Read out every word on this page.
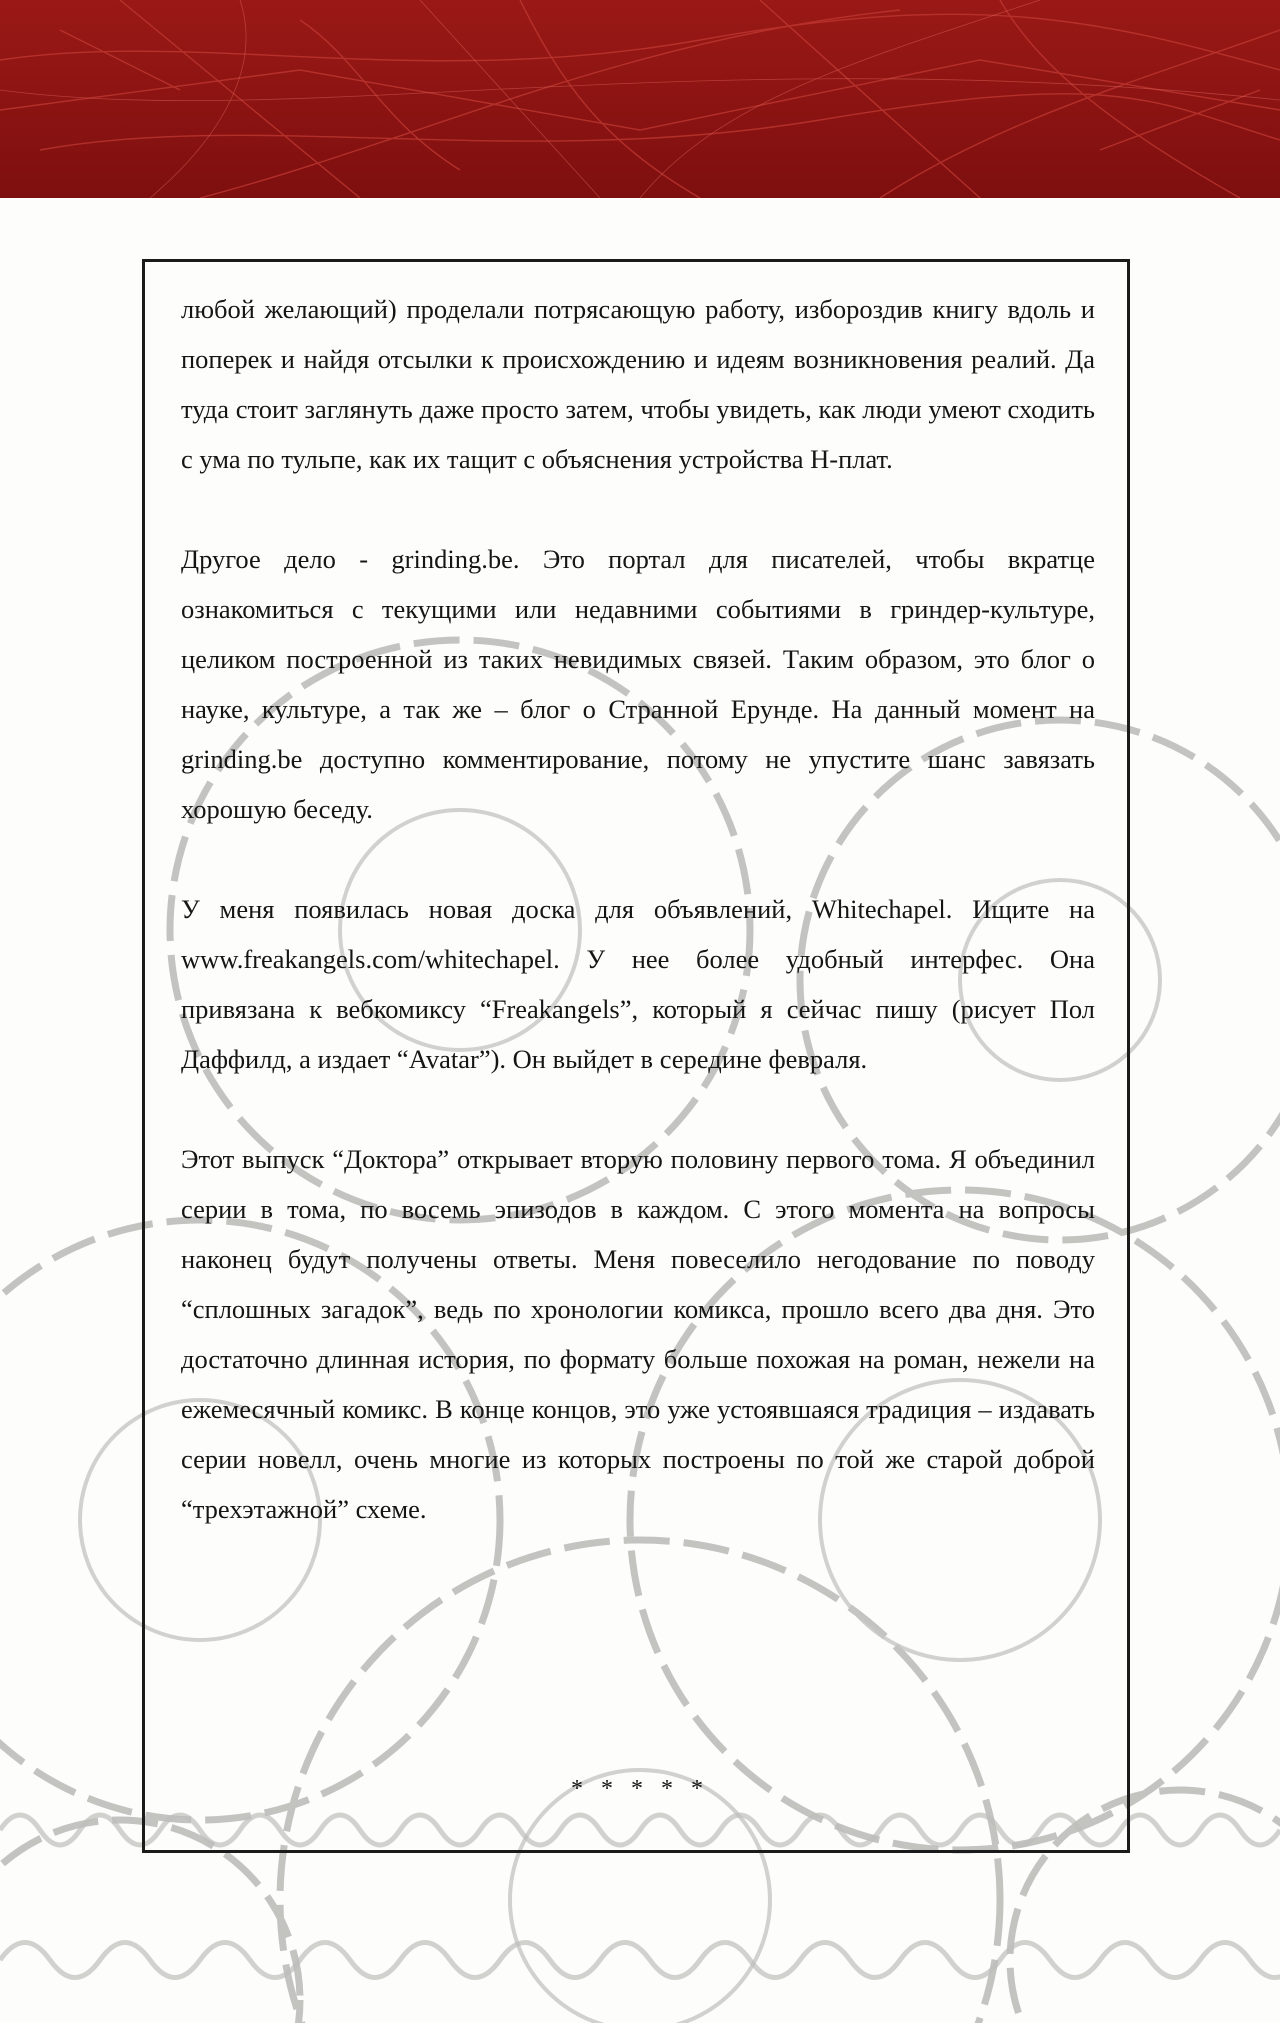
любой желающий) проделали потрясающую работу, избороздив книгу вдоль и поперек и найдя отсылки к происхождению и идеям возникновения реалий. Да туда стоит заглянуть даже просто затем, чтобы увидеть, как люди умеют сходить с ума по тульпе, как их тащит с объяснения устройства Н-плат.

Другое дело - grinding.be. Это портал для писателей, чтобы вкратце ознакомиться с текущими или недавними событиями в гриндер-культуре, целиком построенной из таких невидимых связей. Таким образом, это блог о науке, культуре, а так же – блог о Странной Ерунде. На данный момент на grinding.be доступно комментирование, потому не упустите шанс завязать хорошую беседу.

У меня появилась новая доска для объявлений, Whitechapel. Ищите на www.freakangels.com/whitechapel. У нее более удобный интерфес. Она привязана к вебкомиксу “Freakangels”, который я сейчас пишу (рисует Пол Даффилд, а издает “Avatar”). Он выйдет в середине февраля.

Этот выпуск “Доктора” открывает вторую половину первого тома. Я объединил серии в тома, по восемь эпизодов в каждом. С этого момента на вопросы наконец будут получены ответы. Меня повеселило негодование по поводу “сплошных загадок”, ведь по хронологии комикса, прошло всего два дня. Это достаточно длинная история, по формату больше похожая на роман, нежели на ежемесячный комикс. В конце концов, это уже устоявшаяся традиция – издавать серии новелл, очень многие из которых построены по той же старой доброй “трехэтажной” схеме.

* * * * *
